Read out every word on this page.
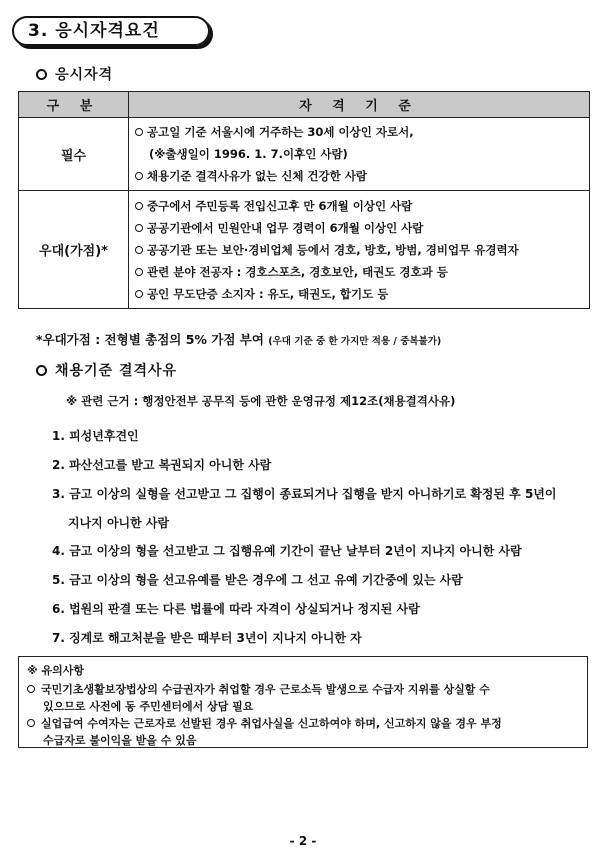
3. 응시자격요건
응시자격
구 분	자 격 기 준
필수	공고일 기준 서울시에 거주하는 30세 이상인 자로서,
(※출생일이 1996. 1. 7.이후인 사람)
채용기준 결격사유가 없는 신체 건강한 사람

우대(가점)*	중구에서 주민등록 전입신고후 만 6개월 이상인 사람
공공기관에서 민원안내 업무 경력이 6개월 이상인 사람
공공기관 또는 보안·경비업체 등에서 경호, 방호, 방범, 경비업무 유경력자
관련 분야 전공자 : 경호스포츠, 경호보안, 태권도 경호과 등
공인 무도단증 소지자 : 유도, 태권도, 합기도 등
*우대가점 : 전형별 총점의 5% 가점 부여 (우대 기준 중 한 가지만 적용 / 중복불가)
채용기준 결격사유
※ 관련 근거 : 행정안전부 공무직 등에 관한 운영규정 제12조(채용결격사유)
1. 피성년후견인
2. 파산선고를 받고 복권되지 아니한 사람
3. 금고 이상의 실형을 선고받고 그 집행이 종료되거나 집행을 받지 아니하기로 확정된 후 5년이
지나지 아니한 사람
4. 금고 이상의 형을 선고받고 그 집행유예 기간이 끝난 날부터 2년이 지나지 아니한 사람
5. 금고 이상의 형을 선고유예를 받은 경우에 그 선고 유예 기간중에 있는 사람
6. 법원의 판결 또는 다른 법률에 따라 자격이 상실되거나 정지된 사람
7. 징계로 해고처분을 받은 때부터 3년이 지나지 아니한 자
※ 유의사항
국민기초생활보장법상의 수급권자가 취업할 경우 근로소득 발생으로 수급자 지위를 상실할 수
있으므로 사전에 동 주민센터에서 상담 필요
실업급여 수여자는 근로자로 선발된 경우 취업사실을 신고하여야 하며, 신고하지 않을 경우 부정
수급자로 불이익을 받을 수 있음
- 2 -
